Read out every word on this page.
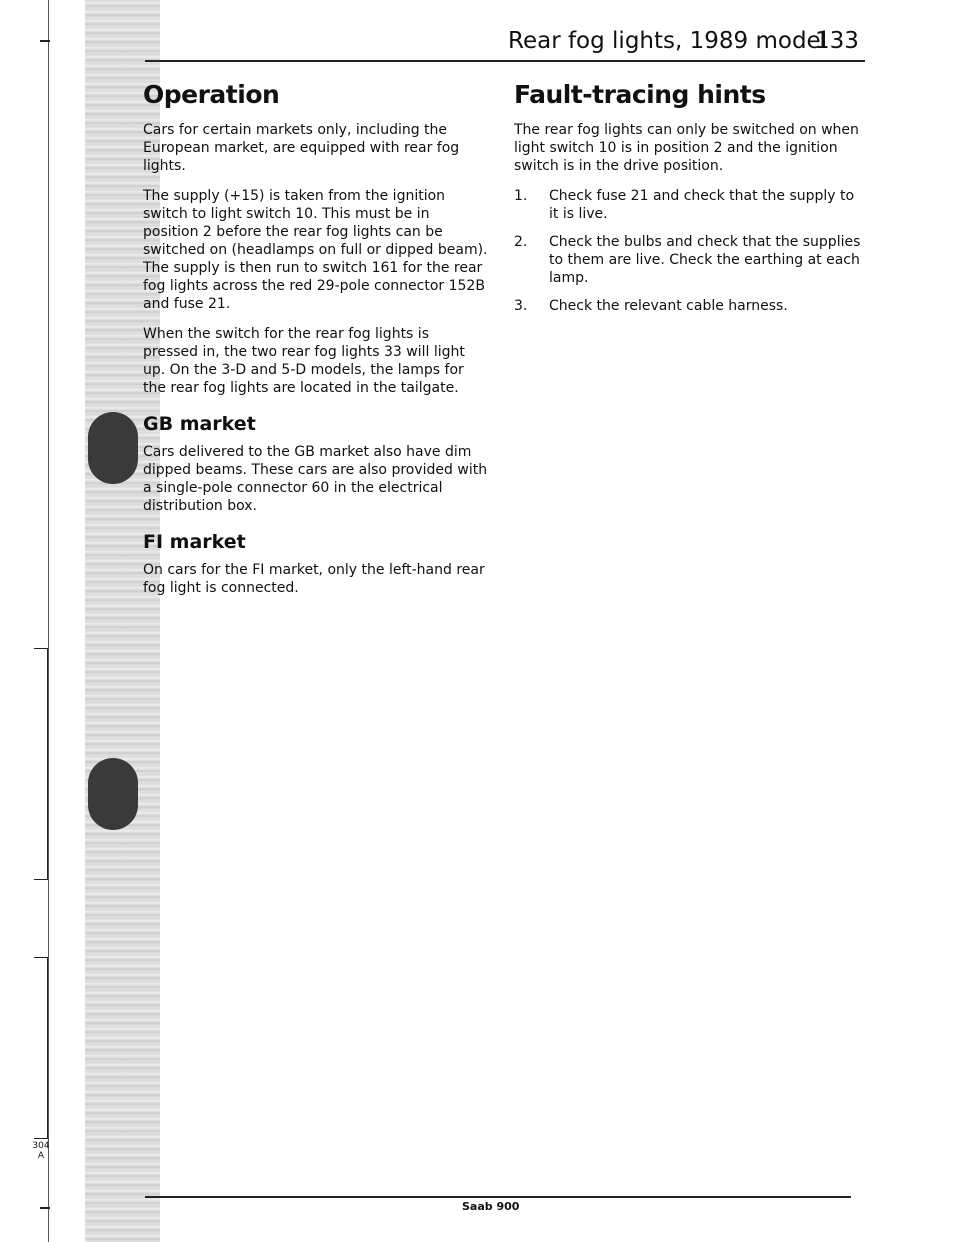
304
A
Rear fog lights, 1989 model
133
Operation

Cars for certain markets only, including the European market, are equipped with rear fog lights.

The supply (+15) is taken from the ignition switch to light switch 10. This must be in position 2 before the rear fog lights can be switched on (headlamps on full or dipped beam). The supply is then run to switch 161 for the rear fog lights across the red 29-pole connector 152B and fuse 21.

When the switch for the rear fog lights is pressed in, the two rear fog lights 33 will light up. On the 3-D and 5-D models, the lamps for the rear fog lights are located in the tailgate.

GB market

Cars delivered to the GB market also have dim dipped beams. These cars are also provided with a single-pole connector 60 in the electrical distribution box.

FI market

On cars for the FI market, only the left-hand rear fog light is connected.

Fault-tracing hints

The rear fog lights can only be switched on when light switch 10 is in position 2 and the ignition switch is in the drive position.

1.	Check fuse 21 and check that the supply to it is live.
2.	Check the bulbs and check that the supplies to them are live. Check the earthing at each lamp.
3.	Check the relevant cable harness.
Saab 900
